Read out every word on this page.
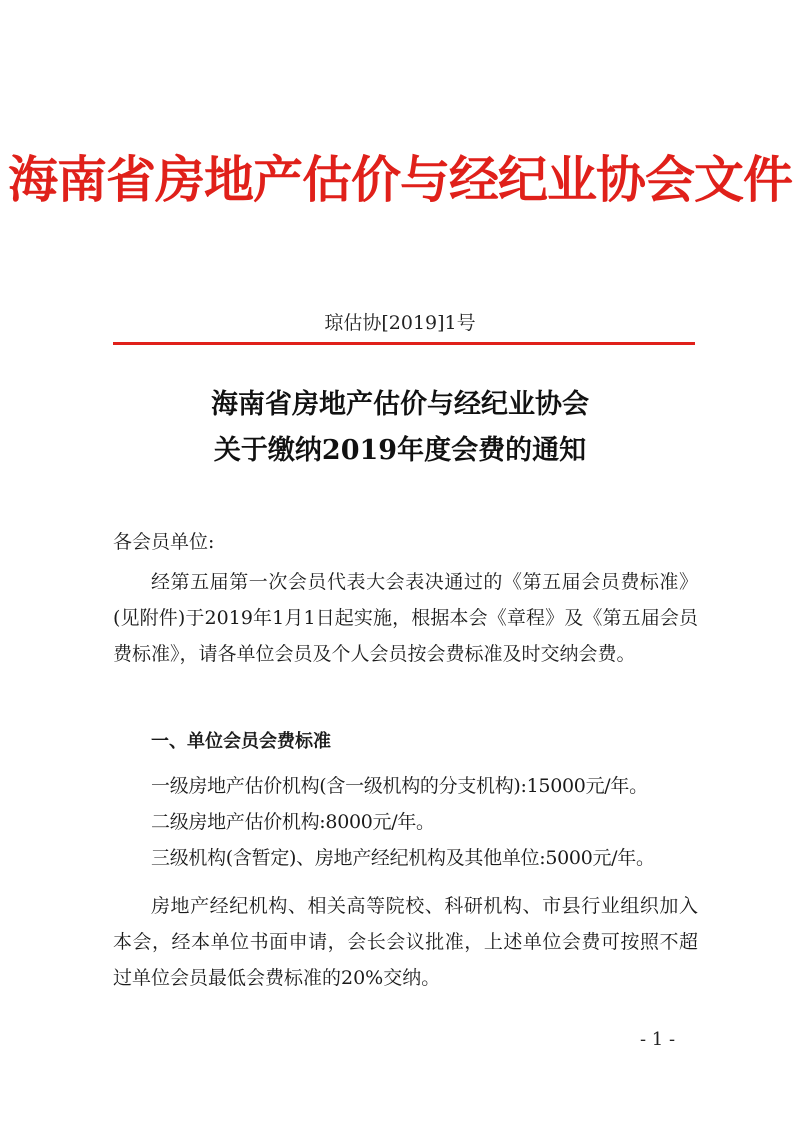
海南省房地产估价与经纪业协会文件
琼估协[2019]1号
海南省房地产估价与经纪业协会
关于缴纳2019年度会费的通知
各会员单位:
经第五届第一次会员代表大会表决通过的《第五届会员费标准》(见附件)于2019年1月1日起实施，根据本会《章程》及《第五届会员费标准》，请各单位会员及个人会员按会费标准及时交纳会费。
一、单位会员会费标准
一级房地产估价机构(含一级机构的分支机构):15000元/年。
二级房地产估价机构:8000元/年。
三级机构(含暂定)、房地产经纪机构及其他单位:5000元/年。
房地产经纪机构、相关高等院校、科研机构、市县行业组织加入本会，经本单位书面申请，会长会议批准，上述单位会费可按照不超过单位会员最低会费标准的20%交纳。
- 1 -
